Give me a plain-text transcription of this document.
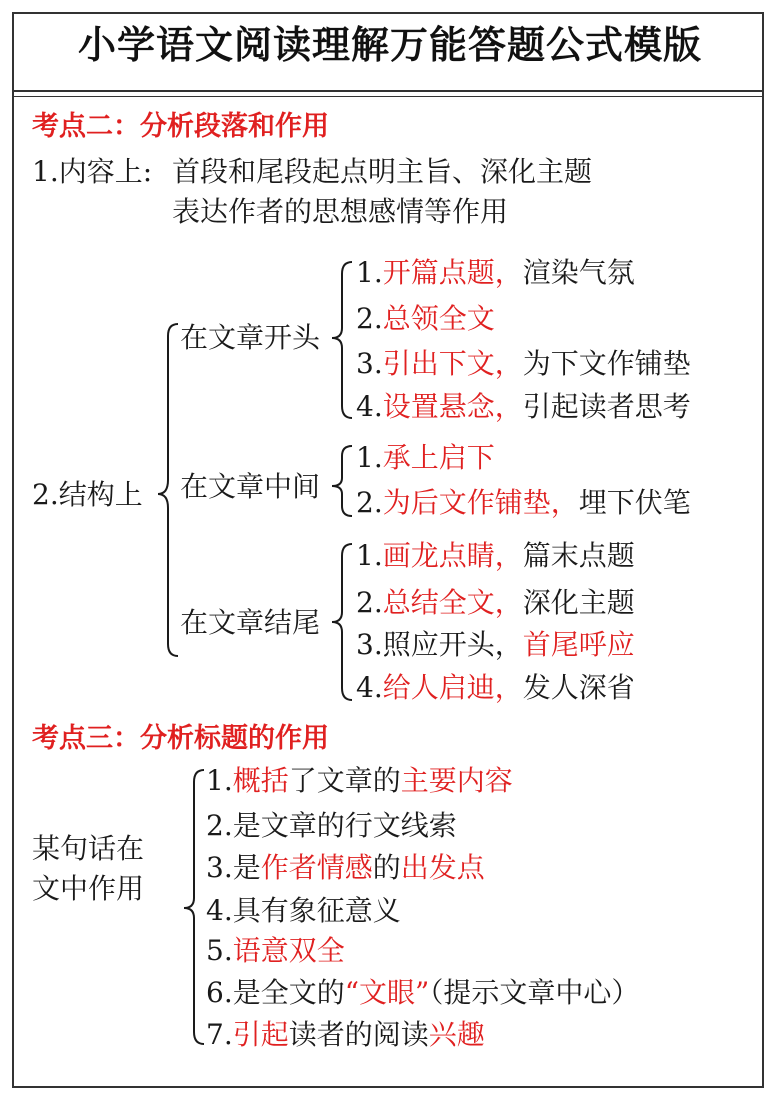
小学语文阅读理解万能答题公式模版
考点二：分析段落和作用
1.内容上: 首段和尾段起点明主旨、深化主题
表达作者的思想感情等作用
2.结构上
在文章开头
在文章中间
在文章结尾
1.开篇点题，渲染气氛
2.总领全文
3.引出下文，为下文作铺垫
4.设置悬念，引起读者思考
1.承上启下
2.为后文作铺垫，埋下伏笔
1.画龙点睛，篇末点题
2.总结全文，深化主题
3.照应开头，首尾呼应
4.给人启迪，发人深省
考点三：分析标题的作用
某句话在
文中作用
1.概括了文章的主要内容
2.是文章的行文线索
3.是作者情感的出发点
4.具有象征意义
5.语意双全
6.是全文的“文眼”（提示文章中心）
7.引起读者的阅读兴趣
